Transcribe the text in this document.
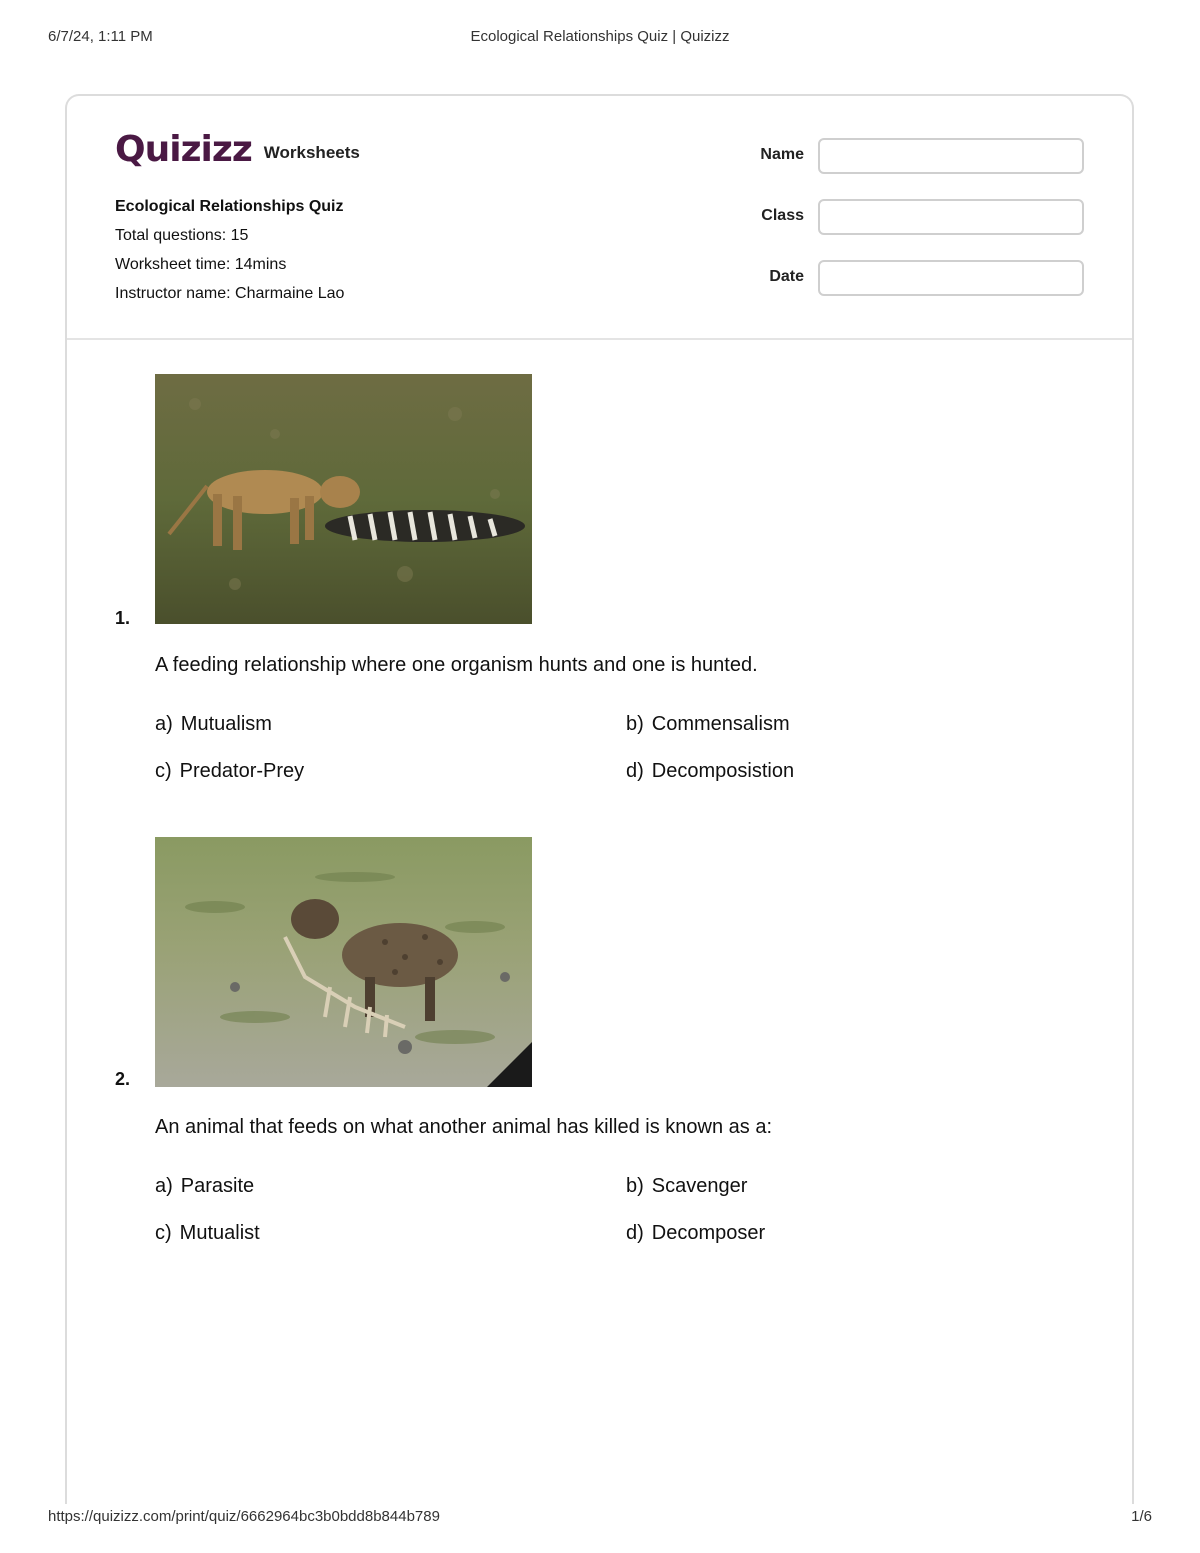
6/7/24, 1:11 PM	Ecological Relationships Quiz | Quizizz
Quizizz Worksheets
Ecological Relationships Quiz
Total questions: 15
Worksheet time: 14mins
Instructor name: Charmaine Lao
Name
Class
Date
1.
A feeding relationship where one organism hunts and one is hunted.
a) Mutualism	b) Commensalism
c) Predator-Prey	d) Decomposistion
2.
An animal that feeds on what another animal has killed is known as a:
a) Parasite	b) Scavenger
c) Mutualist	d) Decomposer
https://quizizz.com/print/quiz/6662964bc3b0bdd8b844b789	1/6
